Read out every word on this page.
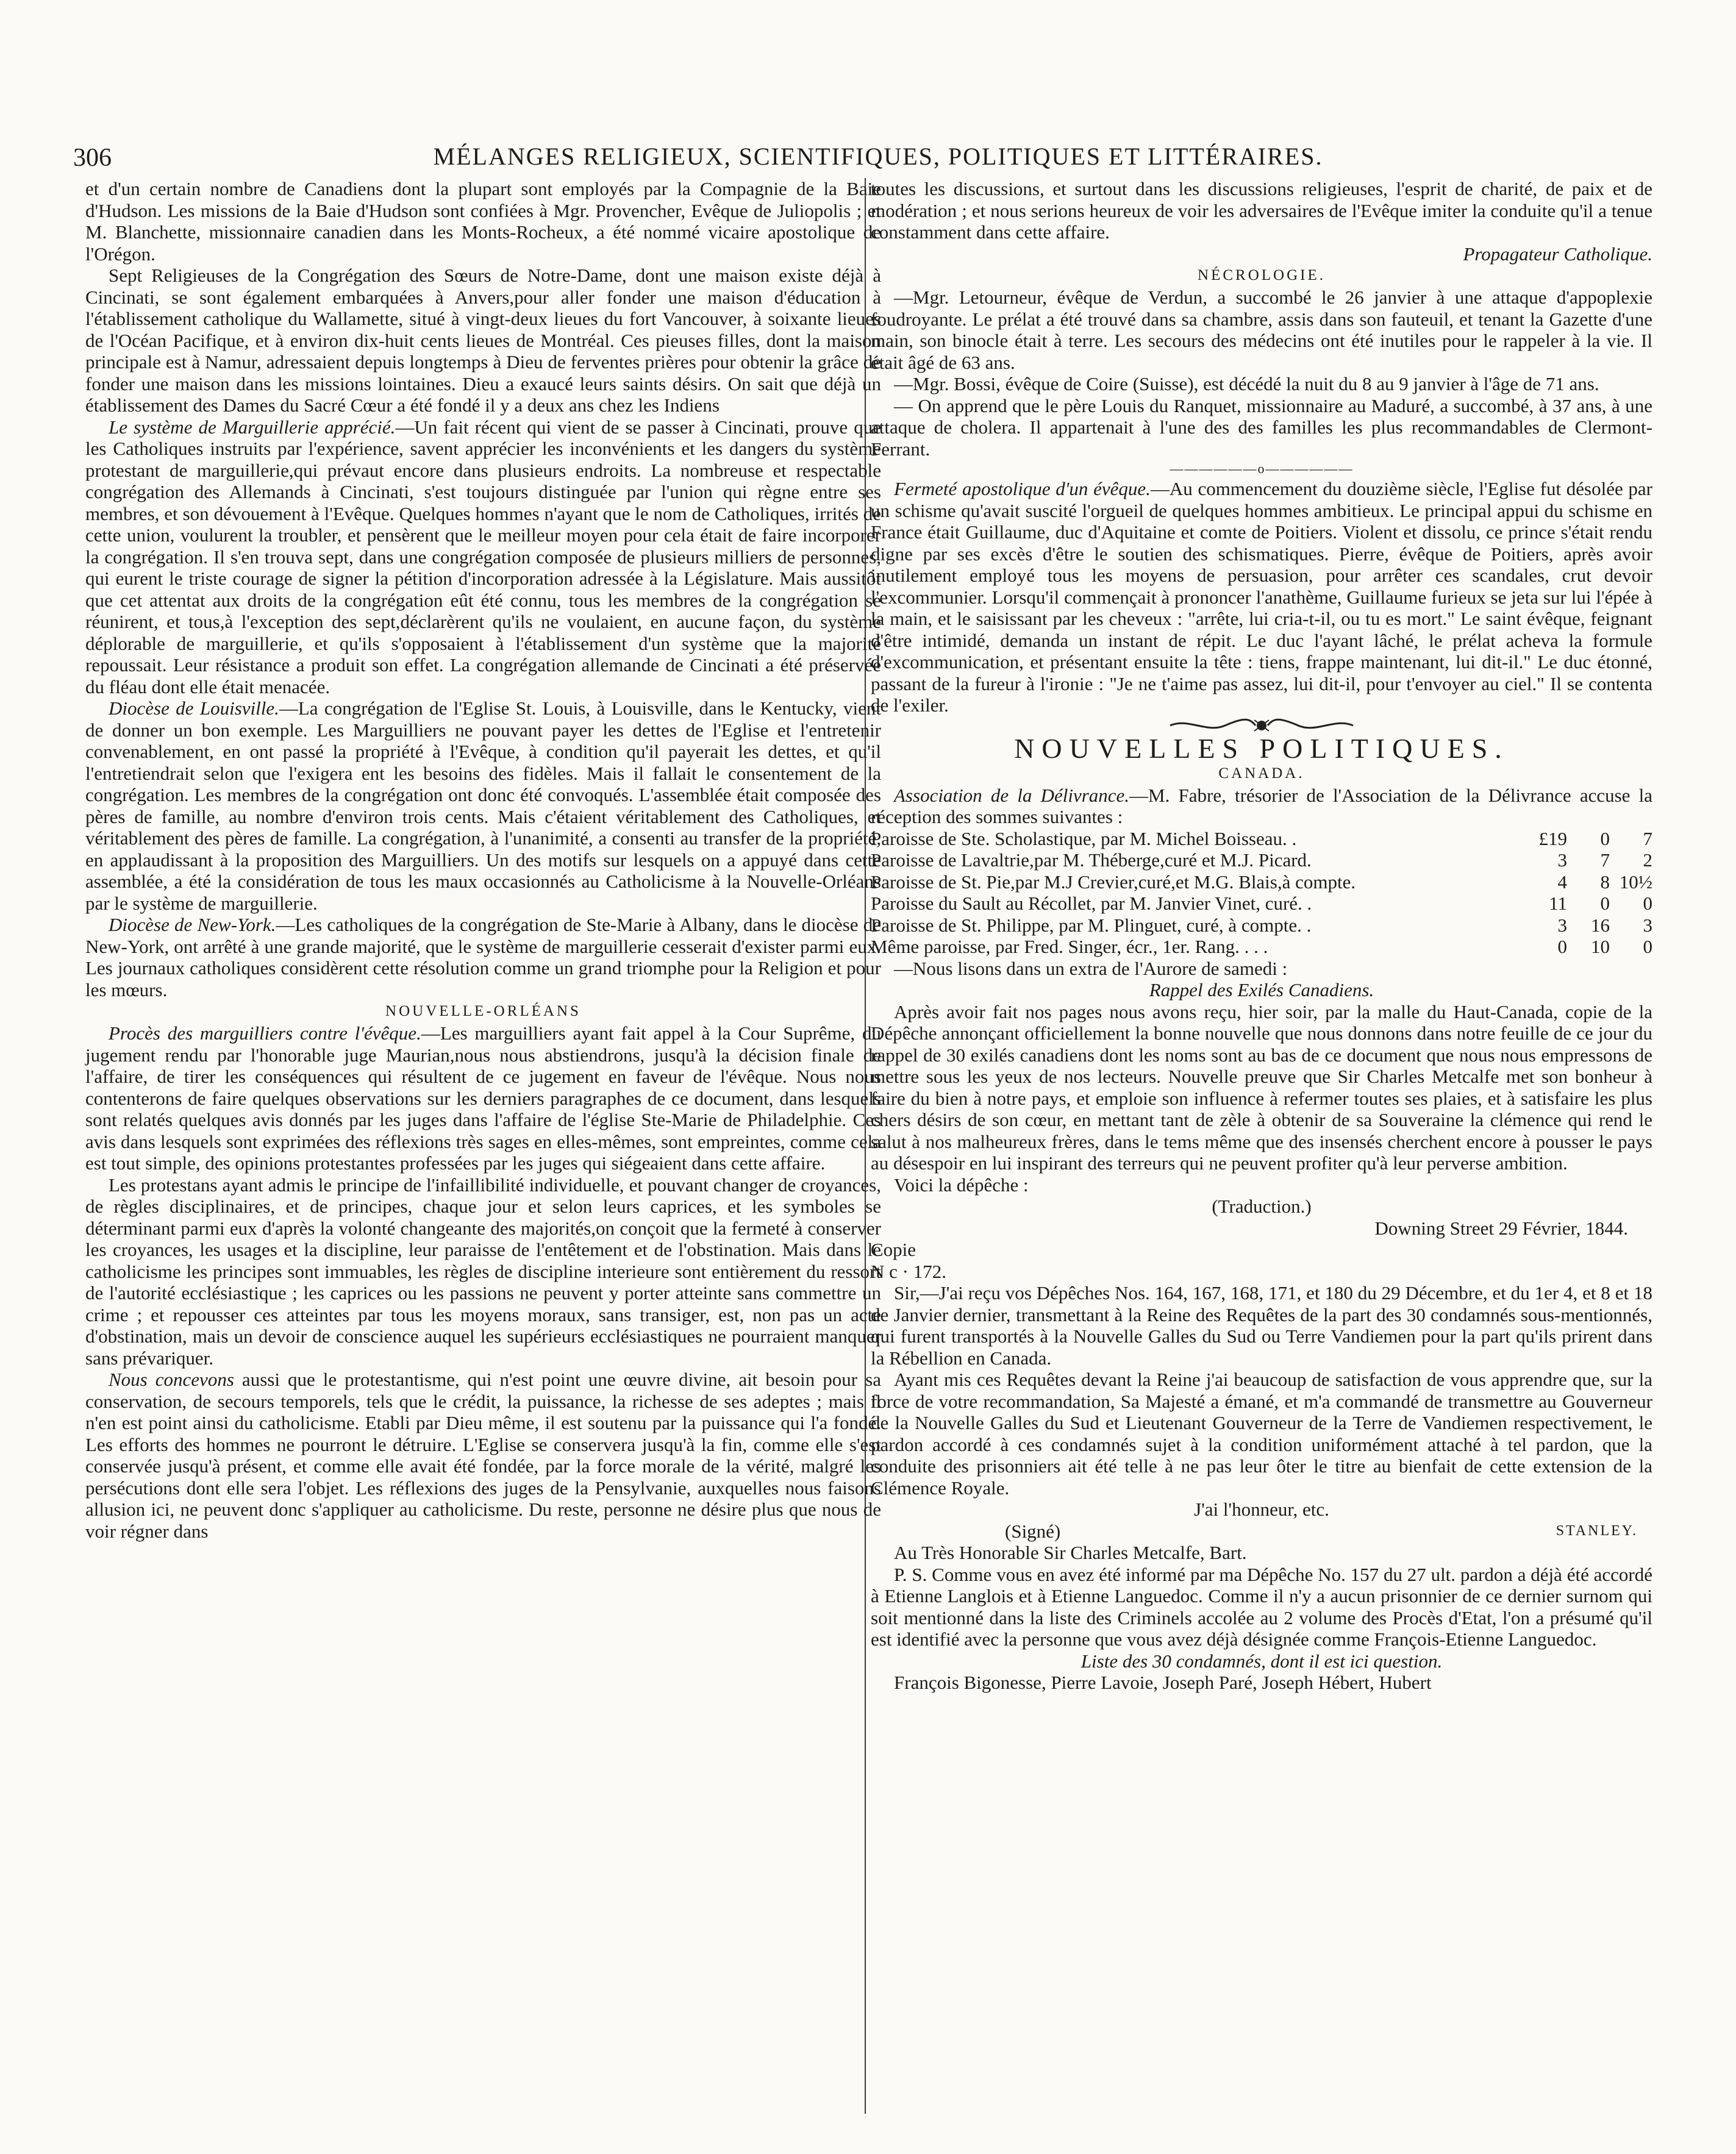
306	MÉLANGES RELIGIEUX, SCIENTIFIQUES, POLITIQUES ET LITTÉRAIRES.

et d'un certain nombre de Canadiens dont la plupart sont employés par la Compagnie de la Baie d'Hudson. Les missions de la Baie d'Hudson sont confiées à Mgr. Provencher, Evêque de Juliopolis ; et M. Blanchette, missionnaire canadien dans les Monts-Rocheux, a été nommé vicaire apostolique de l'Orégon.

Sept Religieuses de la Congrégation des Sœurs de Notre-Dame, dont une maison existe déjà à Cincinati, se sont également embarquées à Anvers,pour aller fonder une maison d'éducation à l'établissement catholique du Wallamette, situé à vingt-deux lieues du fort Vancouver, à soixante lieues de l'Océan Pacifique, et à environ dix-huit cents lieues de Montréal. Ces pieuses filles, dont la maison principale est à Namur, adressaient depuis longtemps à Dieu de ferventes prières pour obtenir la grâce de fonder une maison dans les missions lointaines. Dieu a exaucé leurs saints désirs. On sait que déjà un établissement des Dames du Sacré Cœur a été fondé il y a deux ans chez les Indiens

Le système de Marguillerie apprécié.—Un fait récent qui vient de se passer à Cincinati, prouve que les Catholiques instruits par l'expérience, savent apprécier les inconvénients et les dangers du système protestant de marguillerie,qui prévaut encore dans plusieurs endroits. La nombreuse et respectable congrégation des Allemands à Cincinati, s'est toujours distinguée par l'union qui règne entre ses membres, et son dévouement à l'Evêque. Quelques hommes n'ayant que le nom de Catholiques, irrités de cette union, voulurent la troubler, et pensèrent que le meilleur moyen pour cela était de faire incorporer la congrégation. Il s'en trouva sept, dans une congrégation composée de plusieurs milliers de personnes, qui eurent le triste courage de signer la pétition d'incorporation adressée à la Législature. Mais aussitôt que cet attentat aux droits de la congrégation eût été connu, tous les membres de la congrégation se réunirent, et tous,à l'exception des sept,déclarèrent qu'ils ne voulaient, en aucune façon, du système déplorable de marguillerie, et qu'ils s'opposaient à l'établissement d'un système que la majorité repoussait. Leur résistance a produit son effet. La congrégation allemande de Cincinati a été préservée du fléau dont elle était menacée.

Diocèse de Louisville.—La congrégation de l'Eglise St. Louis, à Louisville, dans le Kentucky, vient de donner un bon exemple. Les Marguilliers ne pouvant payer les dettes de l'Eglise et l'entretenir convenablement, en ont passé la propriété à l'Evêque, à condition qu'il payerait les dettes, et qu'il l'entretiendrait selon que l'exigera ent les besoins des fidèles. Mais il fallait le consentement de la congrégation. Les membres de la congrégation ont donc été convoqués. L'assemblée était composée des pères de famille, au nombre d'environ trois cents. Mais c'étaient véritablement des Catholiques, et véritablement des pères de famille. La congrégation, à l'unanimité, a consenti au transfer de la propriété, en applaudissant à la proposition des Marguilliers. Un des motifs sur lesquels on a appuyé dans cette assemblée, a été la considération de tous les maux occasionnés au Catholicisme à la Nouvelle-Orléans par le système de marguillerie.

Diocèse de New-York.—Les catholiques de la congrégation de Ste-Marie à Albany, dans le diocèse de New-York, ont arrêté à une grande majorité, que le système de marguillerie cesserait d'exister parmi eux. Les journaux catholiques considèrent cette résolution comme un grand triomphe pour la Religion et pour les mœurs.

NOUVELLE-ORLÉANS

Procès des marguilliers contre l'évêque.—Les marguilliers ayant fait appel à la Cour Suprême, du jugement rendu par l'honorable juge Maurian,nous nous abstiendrons, jusqu'à la décision finale de l'affaire, de tirer les conséquences qui résultent de ce jugement en faveur de l'évêque. Nous nous contenterons de faire quelques observations sur les derniers paragraphes de ce document, dans lesquels sont relatés quelques avis donnés par les juges dans l'affaire de l'église Ste-Marie de Philadelphie. Ces avis dans lesquels sont exprimées des réflexions très sages en elles-mêmes, sont empreintes, comme cela est tout simple, des opinions protestantes professées par les juges qui siégeaient dans cette affaire.

Les protestans ayant admis le principe de l'infaillibilité individuelle, et pouvant changer de croyances, de règles disciplinaires, et de principes, chaque jour et selon leurs caprices, et les symboles se déterminant parmi eux d'après la volonté changeante des majorités,on conçoit que la fermeté à conserver les croyances, les usages et la discipline, leur paraisse de l'entêtement et de l'obstination. Mais dans le catholicisme les principes sont immuables, les règles de discipline interieure sont entièrement du ressort de l'autorité ecclésiastique ; les caprices ou les passions ne peuvent y porter atteinte sans commettre un crime ; et repousser ces atteintes par tous les moyens moraux, sans transiger, est, non pas un acte d'obstination, mais un devoir de conscience auquel les supérieurs ecclésiastiques ne pourraient manquer sans prévariquer.

Nous concevons aussi que le protestantisme, qui n'est point une œuvre divine, ait besoin pour sa conservation, de secours temporels, tels que le crédit, la puissance, la richesse de ses adeptes ; mais il n'en est point ainsi du catholicisme. Etabli par Dieu même, il est soutenu par la puissance qui l'a fondé. Les efforts des hommes ne pourront le détruire. L'Eglise se conservera jusqu'à la fin, comme elle s'est conservée jusqu'à présent, et comme elle avait été fondée, par la force morale de la vérité, malgré les persécutions dont elle sera l'objet. Les réflexions des juges de la Pensylvanie, auxquelles nous faisons allusion ici, ne peuvent donc s'appliquer au catholicisme. Du reste, personne ne désire plus que nous de voir régner dans

toutes les discussions, et surtout dans les discussions religieuses, l'esprit de charité, de paix et de modération ; et nous serions heureux de voir les adversaires de l'Evêque imiter la conduite qu'il a tenue constamment dans cette affaire.

Propagateur Catholique.
NÉCROLOGIE.

—Mgr. Letourneur, évêque de Verdun, a succombé le 26 janvier à une attaque d'appoplexie foudroyante. Le prélat a été trouvé dans sa chambre, assis dans son fauteuil, et tenant la Gazette d'une main, son binocle était à terre. Les secours des médecins ont été inutiles pour le rappeler à la vie. Il était âgé de 63 ans.

—Mgr. Bossi, évêque de Coire (Suisse), est décédé la nuit du 8 au 9 janvier à l'âge de 71 ans.

— On apprend que le père Louis du Ranquet, missionnaire au Maduré, a succombé, à 37 ans, à une attaque de cholera. Il appartenait à l'une des des familles les plus recommandables de Clermont-Ferrant.

——————o——————

Fermeté apostolique d'un évêque.—Au commencement du douzième siècle, l'Eglise fut désolée par un schisme qu'avait suscité l'orgueil de quelques hommes ambitieux. Le principal appui du schisme en France était Guillaume, duc d'Aquitaine et comte de Poitiers. Violent et dissolu, ce prince s'était rendu digne par ses excès d'être le soutien des schismatiques. Pierre, évêque de Poitiers, après avoir inutilement employé tous les moyens de persuasion, pour arrêter ces scandales, crut devoir l'excommunier. Lorsqu'il commençait à prononcer l'anathème, Guillaume furieux se jeta sur lui l'épée à la main, et le saisissant par les cheveux : "arrête, lui cria-t-il, ou tu es mort." Le saint évêque, feignant d'être intimidé, demanda un instant de répit. Le duc l'ayant lâché, le prélat acheva la formule d'excommunication, et présentant ensuite la tête : tiens, frappe maintenant, lui dit-il." Le duc étonné, passant de la fureur à l'ironie : "Je ne t'aime pas assez, lui dit-il, pour t'envoyer au ciel." Il se contenta de l'exiler.

NOUVELLES POLITIQUES.
CANADA.

Association de la Délivrance.—M. Fabre, trésorier de l'Association de la Délivrance accuse la réception des sommes suivantes :

Paroisse de Ste. Scholastique, par M. Michel Boisseau. .	£19	0	7
Paroisse de Lavaltrie,par M. Théberge,curé et M.J. Picard.	3	7	2
Paroisse de St. Pie,par M.J Crevier,curé,et M.G. Blais,à compte.	4	8	10½
Paroisse du Sault au Récollet, par M. Janvier Vinet, curé. .	11	0	0
Paroisse de St. Philippe, par M. Plinguet, curé, à compte. .	3	16	3
Même paroisse, par Fred. Singer, écr., 1er. Rang. . . .	0	10	0

—Nous lisons dans un extra de l'Aurore de samedi :

Rappel des Exilés Canadiens.

Après avoir fait nos pages nous avons reçu, hier soir, par la malle du Haut-Canada, copie de la Dépêche annonçant officiellement la bonne nouvelle que nous donnons dans notre feuille de ce jour du rappel de 30 exilés canadiens dont les noms sont au bas de ce document que nous nous empressons de mettre sous les yeux de nos lecteurs. Nouvelle preuve que Sir Charles Metcalfe met son bonheur à faire du bien à notre pays, et emploie son influence à refermer toutes ses plaies, et à satisfaire les plus chers désirs de son cœur, en mettant tant de zèle à obtenir de sa Souveraine la clémence qui rend le salut à nos malheureux frères, dans le tems même que des insensés cherchent encore à pousser le pays au désespoir en lui inspirant des terreurs qui ne peuvent profiter qu'à leur perverse ambition.

Voici la dépêche :

(Traduction.)
Downing Street 29 Février, 1844.

Copie

N c · 172.

Sir,—J'ai reçu vos Dépêches Nos. 164, 167, 168, 171, et 180 du 29 Décembre, et du 1er 4, et 8 et 18 de Janvier dernier, transmettant à la Reine des Requêtes de la part des 30 condamnés sous-mentionnés, qui furent transportés à la Nouvelle Galles du Sud ou Terre Vandiemen pour la part qu'ils prirent dans la Rébellion en Canada.

Ayant mis ces Requêtes devant la Reine j'ai beaucoup de satisfaction de vous apprendre que, sur la force de votre recommandation, Sa Majesté a émané, et m'a commandé de transmettre au Gouverneur de la Nouvelle Galles du Sud et Lieutenant Gouverneur de la Terre de Vandiemen respectivement, le pardon accordé à ces condamnés sujet à la condition uniformément attaché à tel pardon, que la conduite des prisonniers ait été telle à ne pas leur ôter le titre au bienfait de cette extension de la Clémence Royale.

J'ai l'honneur, etc.
(Signé)	STANLEY.

Au Très Honorable Sir Charles Metcalfe, Bart.

P. S. Comme vous en avez été informé par ma Dépêche No. 157 du 27 ult. pardon a déjà été accordé à Etienne Langlois et à Etienne Languedoc. Comme il n'y a aucun prisonnier de ce dernier surnom qui soit mentionné dans la liste des Criminels accolée au 2 volume des Procès d'Etat, l'on a présumé qu'il est identifié avec la personne que vous avez déjà désignée comme François-Etienne Languedoc.

Liste des 30 condamnés, dont il est ici question.

François Bigonesse, Pierre Lavoie, Joseph Paré, Joseph Hébert, Hubert
